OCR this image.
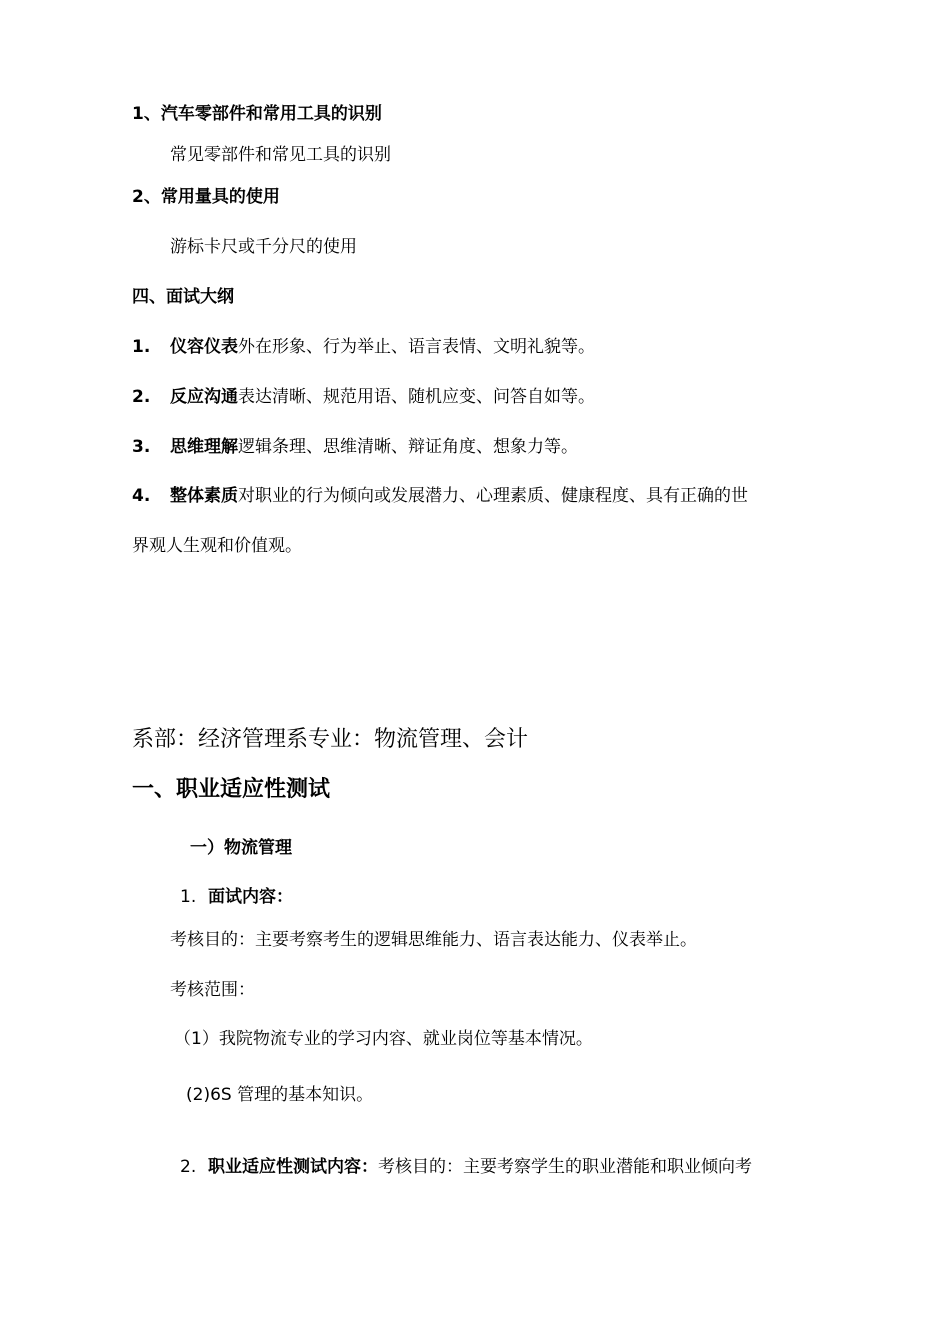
1、汽车零部件和常用工具的识别
常见零部件和常见工具的识别
2、常用量具的使用
游标卡尺或千分尺的使用
四、面试大纲
1. 仪容仪表外在形象、行为举止、语言表情、文明礼貌等。
2. 反应沟通表达清晰、规范用语、随机应变、问答自如等。
3. 思维理解逻辑条理、思维清晰、辩证角度、想象力等。
4. 整体素质对职业的行为倾向或发展潜力、心理素质、健康程度、具有正确的世
界观人生观和价值观。
系部：经济管理系专业：物流管理、会计
一、职业适应性测试
一）物流管理
1. 面试内容：
考核目的：主要考察考生的逻辑思维能力、语言表达能力、仪表举止。
考核范围：
（1）我院物流专业的学习内容、就业岗位等基本情况。
(2)6S 管理的基本知识。
2. 职业适应性测试内容：考核目的：主要考察学生的职业潜能和职业倾向考
